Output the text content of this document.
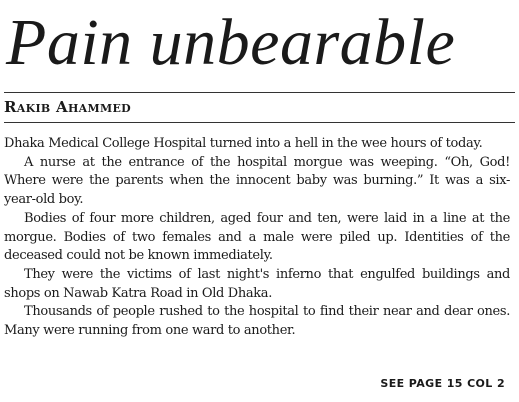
Pain unbearable
Rakib Ahammed

Dhaka Medical College Hospital turned into a hell in the wee hours of today.

A nurse at the entrance of the hospital morgue was weeping. “Oh, God! Where were the parents when the innocent baby was burning.” It was a six-year-old boy.

Bodies of four more children, aged four and ten, were laid in a line at the morgue. Bodies of two females and a male were piled up. Identities of the deceased could not be known immediately.

They were the victims of last night's inferno that engulfed buildings and shops on Nawab Katra Road in Old Dhaka.

Thousands of people rushed to the hospital to find their near and dear ones. Many were running from one ward to another.

SEE PAGE 15 COL 2
